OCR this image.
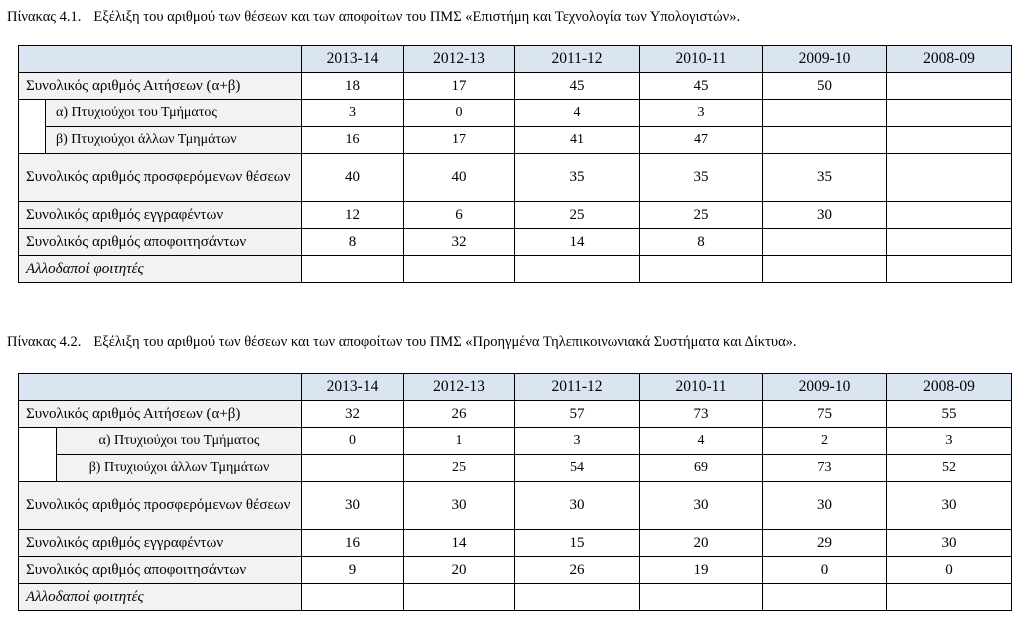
Πίνακας 4.1. Εξέλιξη του αριθμού των θέσεων και των αποφοίτων του ΠΜΣ «Επιστήμη και Τεχνολογία των Υπολογιστών».
		2013-14	2012-13	2011-12	2010-11	2009-10	2008-09
Συνολικός αριθμός Αιτήσεων (α+β)		18	17	45	45	50	
	α) Πτυχιούχοι του Τμήματος	3	0	4	3		
	β) Πτυχιούχοι άλλων Τμημάτων	16	17	41	47		
Συνολικός αριθμός προσφερόμενων θέσεων		40	40	35	35	35	
Συνολικός αριθμός εγγραφέντων		12	6	25	25	30	
Συνολικός αριθμός αποφοιτησάντων		8	32	14	8		
Αλλοδαποί φοιτητές							
Πίνακας 4.2. Εξέλιξη του αριθμού των θέσεων και των αποφοίτων του ΠΜΣ «Προηγμένα Τηλεπικοινωνιακά Συστήματα και Δίκτυα».
		2013-14	2012-13	2011-12	2010-11	2009-10	2008-09
Συνολικός αριθμός Αιτήσεων (α+β)		32	26	57	73	75	55
	α) Πτυχιούχοι του Τμήματος	0	1	3	4	2	3
	β) Πτυχιούχοι άλλων Τμημάτων		25	54	69	73	52
Συνολικός αριθμός προσφερόμενων θέσεων		30	30	30	30	30	30
Συνολικός αριθμός εγγραφέντων		16	14	15	20	29	30
Συνολικός αριθμός αποφοιτησάντων		9	20	26	19	0	0
Αλλοδαποί φοιτητές							
